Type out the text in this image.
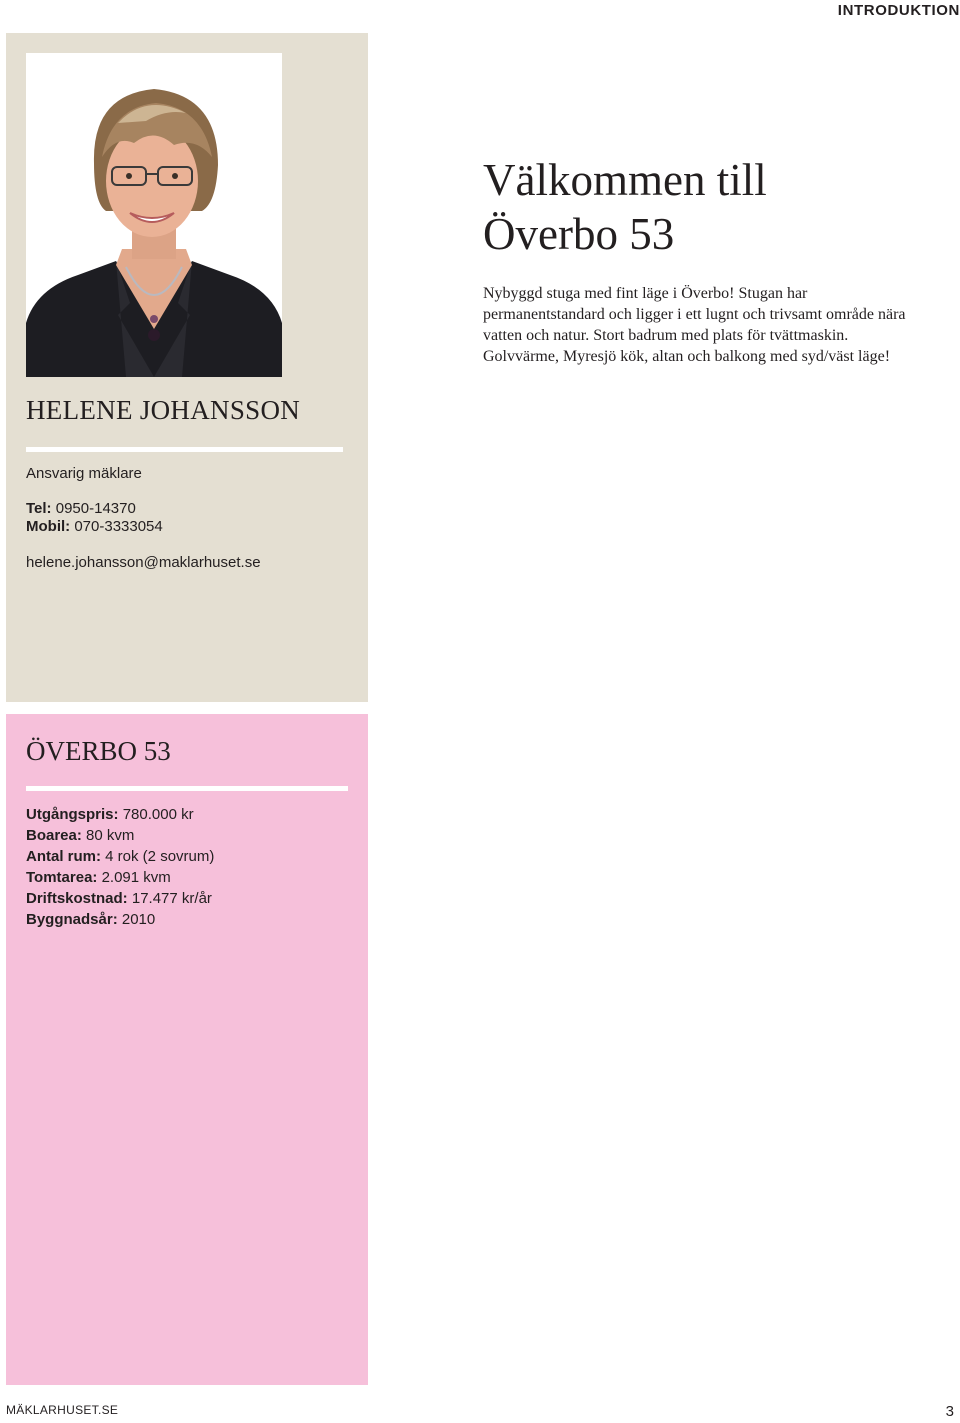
INTRODUKTION
HELENE JOHANSSON
Ansvarig mäklare
Tel: 0950-14370
Mobil: 070-3333054
helene.johansson@maklarhuset.se
Välkommen till
Överbo 53
Nybyggd stuga med fint läge i Överbo! Stugan har permanentstandard och ligger i ett lugnt och trivsamt område nära vatten och natur. Stort badrum med plats för tvättmaskin. Golvvärme, Myresjö kök, altan och balkong med syd/väst läge!
ÖVERBO 53
Utgångspris: 780.000 kr
Boarea: 80 kvm
Antal rum: 4 rok (2 sovrum)
Tomtarea: 2.091 kvm
Driftskostnad: 17.477 kr/år
Byggnadsår: 2010
MÄKLARHUSET.SE	3
